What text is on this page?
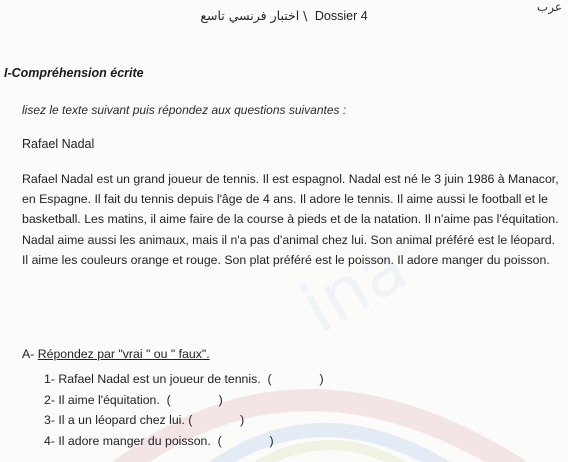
ina
عرب
اختبار فرنسي تاسع \ Dossier 4
I-Compréhension écrite
lisez le texte suivant puis répondez aux questions suivantes :
Rafael Nadal
Rafael Nadal est un grand joueur de tennis. Il est espagnol. Nadal est né le 3 juin 1986 à Manacor, en Espagne. Il fait du tennis depuis l'âge de 4 ans. Il adore le tennis. Il aime aussi le football et le basketball. Les matins, il aime faire de la course à pieds et de la natation. Il n'aime pas l'équitation. Nadal aime aussi les animaux, mais il n'a pas d'animal chez lui. Son animal préféré est le léopard. Il aime les couleurs orange et rouge. Son plat préféré est le poisson. Il adore manger du poisson.
A- Répondez par "vrai " ou " faux".
1- Rafael Nadal est un joueur de tennis.  (              )
2- Il aime l'équitation.  (              )
3- Il a un léopard chez lui. (              )
4- Il adore manger du poisson.  (              )
